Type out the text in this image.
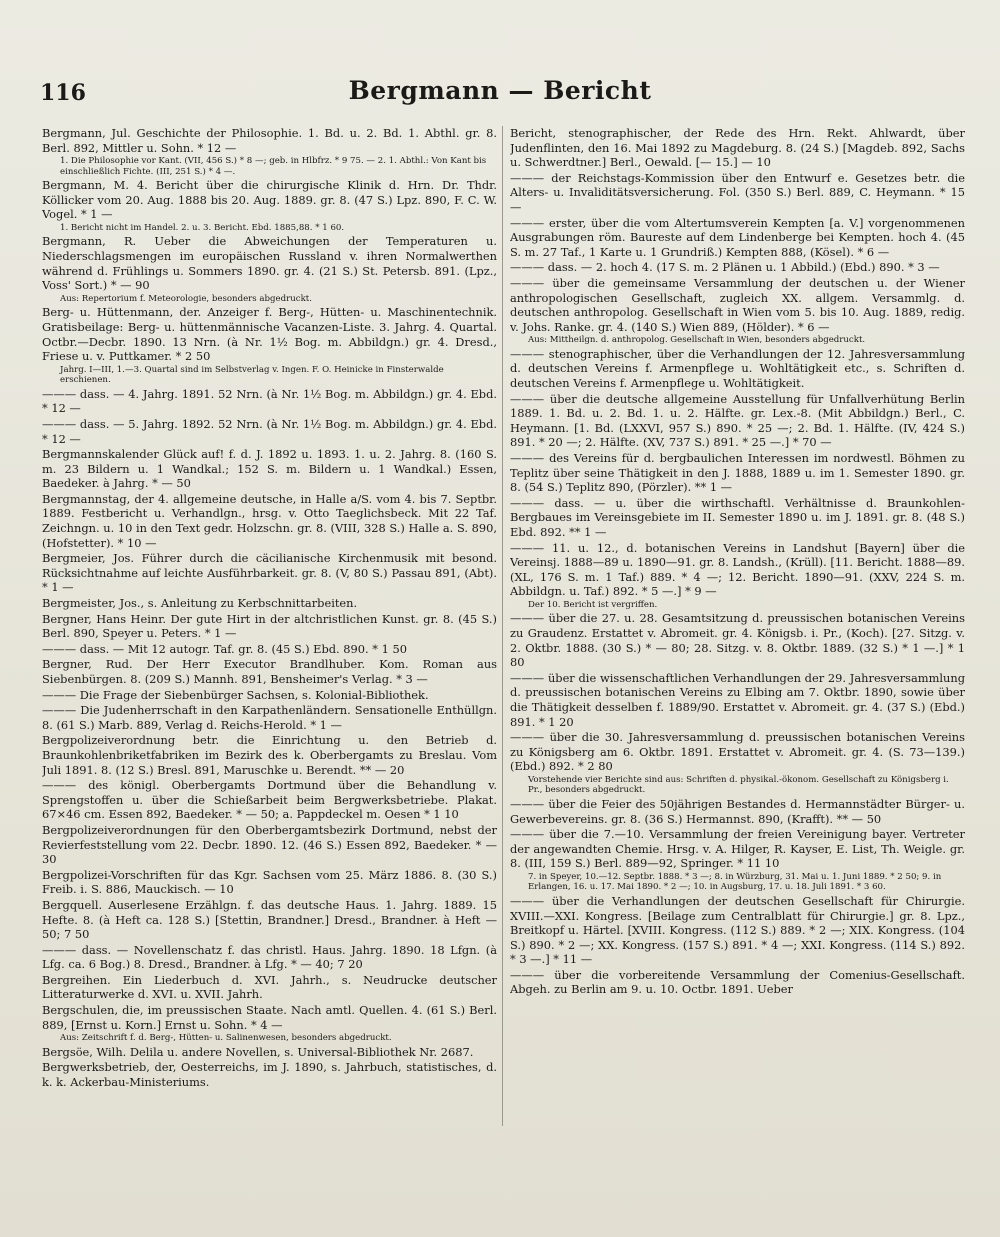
116	Bergmann — Bericht

Bergmann, Jul. Geschichte der Philosophie. 1. Bd. u. 2. Bd. 1. Abthl. gr. 8. Berl. 892, Mittler u. Sohn. * 12 —

1. Die Philosophie vor Kant. (VII, 456 S.) * 8 —; geb. in Hlbfrz. * 9 75. — 2. 1. Abthl.: Von Kant bis einschließlich Fichte. (III, 251 S.) * 4 —.

Bergmann, M. 4. Bericht über die chirurgische Klinik d. Hrn. Dr. Thdr. Köllicker vom 20. Aug. 1888 bis 20. Aug. 1889. gr. 8. (47 S.) Lpz. 890, F. C. W. Vogel. * 1 —

1. Bericht nicht im Handel. 2. u. 3. Bericht. Ebd. 1885,88. * 1 60.

Bergmann, R. Ueber die Abweichungen der Temperaturen u. Niederschlagsmengen im europäischen Russland v. ihren Normalwerthen während d. Frühlings u. Sommers 1890. gr. 4. (21 S.) St. Petersb. 891. (Lpz., Voss' Sort.) * — 90

Aus: Repertorium f. Meteorologie, besonders abgedruckt.

Berg- u. Hüttenmann, der. Anzeiger f. Berg-, Hütten- u. Maschinentechnik. Gratisbeilage: Berg- u. hüttenmännische Vacanzen-Liste. 3. Jahrg. 4. Quartal. Octbr.—Decbr. 1890. 13 Nrn. (à Nr. 1½ Bog. m. Abbildgn.) gr. 4. Dresd., Friese u. v. Puttkamer. * 2 50

Jahrg. I—III, 1.—3. Quartal sind im Selbstverlag v. Ingen. F. O. Heinicke in Finsterwalde erschienen.

——— dass. — 4. Jahrg. 1891. 52 Nrn. (à Nr. 1½ Bog. m. Abbildgn.) gr. 4. Ebd. * 12 —

——— dass. — 5. Jahrg. 1892. 52 Nrn. (à Nr. 1½ Bog. m. Abbildgn.) gr. 4. Ebd. * 12 —

Bergmannskalender Glück auf! f. d. J. 1892 u. 1893. 1. u. 2. Jahrg. 8. (160 S. m. 23 Bildern u. 1 Wandkal.; 152 S. m. Bildern u. 1 Wandkal.) Essen, Baedeker. à Jahrg. * — 50

Bergmannstag, der 4. allgemeine deutsche, in Halle a/S. vom 4. bis 7. Septbr. 1889. Festbericht u. Verhandlgn., hrsg. v. Otto Taeglichsbeck. Mit 22 Taf. Zeichngn. u. 10 in den Text gedr. Holzschn. gr. 8. (VIII, 328 S.) Halle a. S. 890, (Hofstetter). * 10 —

Bergmeier, Jos. Führer durch die cäcilianische Kirchenmusik mit besond. Rücksichtnahme auf leichte Ausführbarkeit. gr. 8. (V, 80 S.) Passau 891, (Abt). * 1 —

Bergmeister, Jos., s. Anleitung zu Kerbschnittarbeiten.

Bergner, Hans Heinr. Der gute Hirt in der altchristlichen Kunst. gr. 8. (45 S.) Berl. 890, Speyer u. Peters. * 1 —

——— dass. — Mit 12 autogr. Taf. gr. 8. (45 S.) Ebd. 890. * 1 50

Bergner, Rud. Der Herr Executor Brandlhuber. Kom. Roman aus Siebenbürgen. 8. (209 S.) Mannh. 891, Bensheimer's Verlag. * 3 —

——— Die Frage der Siebenbürger Sachsen, s. Kolonial-Bibliothek.

——— Die Judenherrschaft in den Karpathenländern. Sensationelle Enthüllgn. 8. (61 S.) Marb. 889, Verlag d. Reichs-Herold. * 1 —

Bergpolizeiverordnung betr. die Einrichtung u. den Betrieb d. Braunkohlenbriketfabriken im Bezirk des k. Oberbergamts zu Breslau. Vom Juli 1891. 8. (12 S.) Bresl. 891, Maruschke u. Berendt. ** — 20

——— des königl. Oberbergamts Dortmund über die Behandlung v. Sprengstoffen u. über die Schießarbeit beim Bergwerksbetriebe. Plakat. 67×46 cm. Essen 892, Baedeker. * — 50; a. Pappdeckel m. Oesen * 1 10

Bergpolizeiverordnungen für den Oberbergamtsbezirk Dortmund, nebst der Revierfeststellung vom 22. Decbr. 1890. 12. (46 S.) Essen 892, Baedeker. * — 30

Bergpolizei-Vorschriften für das Kgr. Sachsen vom 25. März 1886. 8. (30 S.) Freib. i. S. 886, Mauckisch. — 10

Bergquell. Auserlesene Erzählgn. f. das deutsche Haus. 1. Jahrg. 1889. 15 Hefte. 8. (à Heft ca. 128 S.) [Stettin, Brandner.] Dresd., Brandner. à Heft — 50; 7 50

——— dass. — Novellenschatz f. das christl. Haus. Jahrg. 1890. 18 Lfgn. (à Lfg. ca. 6 Bog.) 8. Dresd., Brandner. à Lfg. * — 40; 7 20

Bergreihen. Ein Liederbuch d. XVI. Jahrh., s. Neudrucke deutscher Litteraturwerke d. XVI. u. XVII. Jahrh.

Bergschulen, die, im preussischen Staate. Nach amtl. Quellen. 4. (61 S.) Berl. 889, [Ernst u. Korn.] Ernst u. Sohn. * 4 —

Aus: Zeitschrift f. d. Berg-, Hütten- u. Salinenwesen, besonders abgedruckt.

Bergsöe, Wilh. Delila u. andere Novellen, s. Universal-Bibliothek Nr. 2687.

Bergwerksbetrieb, der, Oesterreichs, im J. 1890, s. Jahrbuch, statistisches, d. k. k. Ackerbau-Ministeriums.

Bericht, stenographischer, der Rede des Hrn. Rekt. Ahlwardt, über Judenflinten, den 16. Mai 1892 zu Magdeburg. 8. (24 S.) [Magdeb. 892, Sachs u. Schwerdtner.] Berl., Oewald. [— 15.] — 10

——— der Reichstags-Kommission über den Entwurf e. Gesetzes betr. die Alters- u. Invaliditätsversicherung. Fol. (350 S.) Berl. 889, C. Heymann. * 15 —

——— erster, über die vom Altertumsverein Kempten [a. V.] vorgenommenen Ausgrabungen röm. Baureste auf dem Lindenberge bei Kempten. hoch 4. (45 S. m. 27 Taf., 1 Karte u. 1 Grundriß.) Kempten 888, (Kösel). * 6 —

——— dass. — 2. hoch 4. (17 S. m. 2 Plänen u. 1 Abbild.) (Ebd.) 890. * 3 —

——— über die gemeinsame Versammlung der deutschen u. der Wiener anthropologischen Gesellschaft, zugleich XX. allgem. Versammlg. d. deutschen anthropolog. Gesellschaft in Wien vom 5. bis 10. Aug. 1889, redig. v. Johs. Ranke. gr. 4. (140 S.) Wien 889, (Hölder). * 6 —

Aus: Mittheilgn. d. anthropolog. Gesellschaft in Wien, besonders abgedruckt.

——— stenographischer, über die Verhandlungen der 12. Jahresversammlung d. deutschen Vereins f. Armenpflege u. Wohltätigkeit etc., s. Schriften d. deutschen Vereins f. Armenpflege u. Wohltätigkeit.

——— über die deutsche allgemeine Ausstellung für Unfallverhütung Berlin 1889. 1. Bd. u. 2. Bd. 1. u. 2. Hälfte. gr. Lex.-8. (Mit Abbildgn.) Berl., C. Heymann. [1. Bd. (LXXVI, 957 S.) 890. * 25 —; 2. Bd. 1. Hälfte. (IV, 424 S.) 891. * 20 —; 2. Hälfte. (XV, 737 S.) 891. * 25 —.] * 70 —

——— des Vereins für d. bergbaulichen Interessen im nordwestl. Böhmen zu Teplitz über seine Thätigkeit in den J. 1888, 1889 u. im 1. Semester 1890. gr. 8. (54 S.) Teplitz 890, (Pörzler). ** 1 —

——— dass. — u. über die wirthschaftl. Verhältnisse d. Braunkohlen-Bergbaues im Vereinsgebiete im II. Semester 1890 u. im J. 1891. gr. 8. (48 S.) Ebd. 892. ** 1 —

——— 11. u. 12., d. botanischen Vereins in Landshut [Bayern] über die Vereinsj. 1888—89 u. 1890—91. gr. 8. Landsh., (Krüll). [11. Bericht. 1888—89. (XL, 176 S. m. 1 Taf.) 889. * 4 —; 12. Bericht. 1890—91. (XXV, 224 S. m. Abbildgn. u. Taf.) 892. * 5 —.] * 9 —

Der 10. Bericht ist vergriffen.

——— über die 27. u. 28. Gesamtsitzung d. preussischen botanischen Vereins zu Graudenz. Erstattet v. Abromeit. gr. 4. Königsb. i. Pr., (Koch). [27. Sitzg. v. 2. Oktbr. 1888. (30 S.) * — 80; 28. Sitzg. v. 8. Oktbr. 1889. (32 S.) * 1 —.] * 1 80

——— über die wissenschaftlichen Verhandlungen der 29. Jahresversammlung d. preussischen botanischen Vereins zu Elbing am 7. Oktbr. 1890, sowie über die Thätigkeit desselben f. 1889/90. Erstattet v. Abromeit. gr. 4. (37 S.) (Ebd.) 891. * 1 20

——— über die 30. Jahresversammlung d. preussischen botanischen Vereins zu Königsberg am 6. Oktbr. 1891. Erstattet v. Abromeit. gr. 4. (S. 73—139.) (Ebd.) 892. * 2 80

Vorstehende vier Berichte sind aus: Schriften d. physikal.-ökonom. Gesellschaft zu Königsberg i. Pr., besonders abgedruckt.

——— über die Feier des 50jährigen Bestandes d. Hermannstädter Bürger- u. Gewerbevereins. gr. 8. (36 S.) Hermannst. 890, (Krafft). ** — 50

——— über die 7.—10. Versammlung der freien Vereinigung bayer. Vertreter der angewandten Chemie. Hrsg. v. A. Hilger, R. Kayser, E. List, Th. Weigle. gr. 8. (III, 159 S.) Berl. 889—92, Springer. * 11 10

7. in Speyer, 10.—12. Septbr. 1888. * 3 —; 8. in Würzburg, 31. Mai u. 1. Juni 1889. * 2 50; 9. in Erlangen, 16. u. 17. Mai 1890. * 2 —; 10. in Augsburg, 17. u. 18. Juli 1891. * 3 60.

——— über die Verhandlungen der deutschen Gesellschaft für Chirurgie. XVIII.—XXI. Kongress. [Beilage zum Centralblatt für Chirurgie.] gr. 8. Lpz., Breitkopf u. Härtel. [XVIII. Kongress. (112 S.) 889. * 2 —; XIX. Kongress. (104 S.) 890. * 2 —; XX. Kongress. (157 S.) 891. * 4 —; XXI. Kongress. (114 S.) 892. * 3 —.] * 11 —

——— über die vorbereitende Versammlung der Comenius-Gesellschaft. Abgeh. zu Berlin am 9. u. 10. Octbr. 1891. Ueber
